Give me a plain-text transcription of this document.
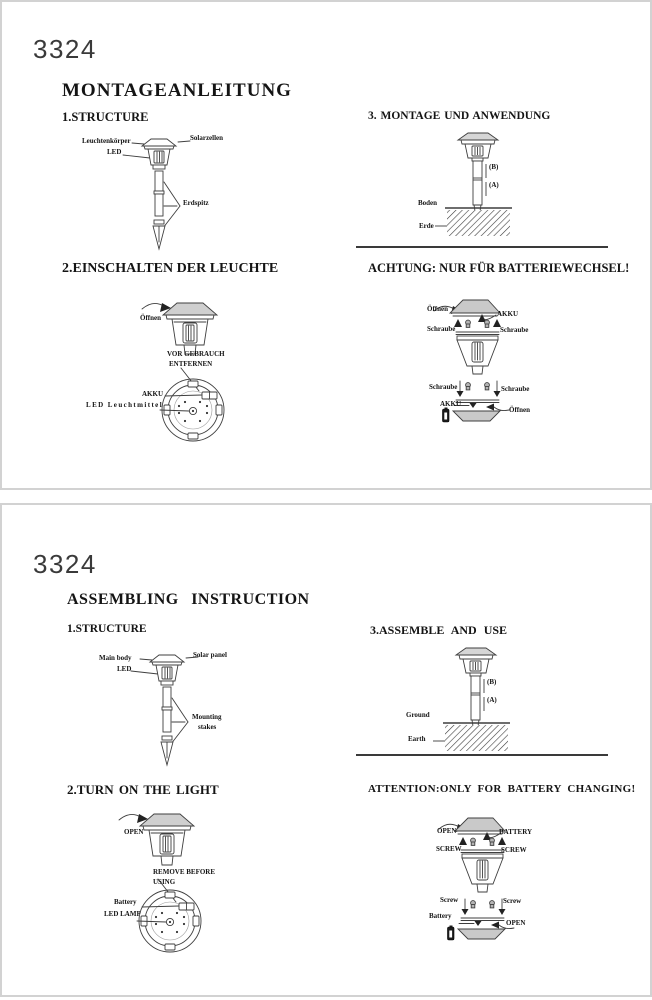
3324
MONTAGEANLEITUNG
1.STRUCTURE
Leuchtenkörper	Solarzellen
LED
Erdspitz
3. MONTAGE UND ANWENDUNG
(B)
(A)
Boden
Erde
2.EINSCHALTEN DER LEUCHTE
Öffnen
VOR GEBRAUCH
ENTFERNEN
AKKU
LED Leuchtmittel
ACHTUNG: NUR FÜR BATTERIEWECHSEL!
Öffnen
AKKU
Schraube	Schraube
Schraube	Schraube
AKKU
Öffnen
3324
ASSEMBLING INSTRUCTION
1.STRUCTURE
Main body	Solar panel
LED
Mounting
stakes
3.ASSEMBLE AND USE
(B)
(A)
Ground
Earth
2.TURN ON THE LIGHT
OPEN
REMOVE BEFORE
USING
Battery
LED LAMP
ATTENTION:ONLY FOR BATTERY CHANGING!
OPEN	BATTERY
SCREW	SCREW
Screw	Screw
Battery
OPEN
